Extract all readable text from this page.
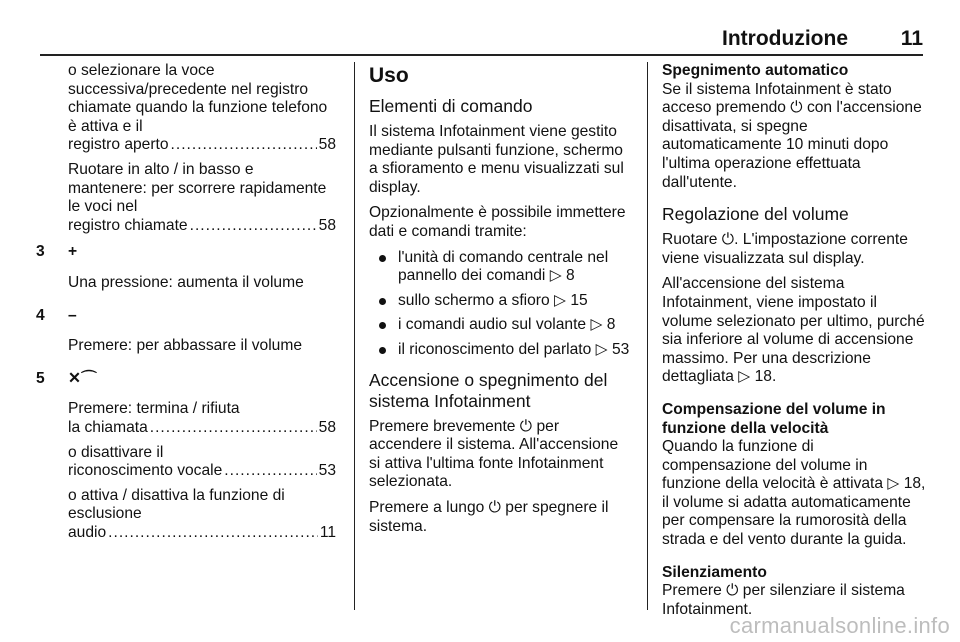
Introduzione	11
o selezionare la voce successiva/precedente nel registro chiamate quando la funzione telefono è attiva e il
registro aperto .....	58
Ruotare in alto / in basso e mantenere: per scorrere rapidamente le voci nel
registro chiamate .....	58
3 +
Una pressione: aumenta il volume
4 –
Premere: per abbassare il volume
5 ✕⌒
Premere: termina / rifiuta
la chiamata .....	58
o disattivare il
riconoscimento vocale .....	53
o attiva / disattiva la funzione di esclusione
audio .....	11
Uso
Elementi di comando

Il sistema Infotainment viene gestito mediante pulsanti funzione, schermo a sfioramento e menu visualizzati sul display.

Opzionalmente è possibile immettere dati e comandi tramite:

l'unità di comando centrale nel pannello dei comandi ▷ 8
sullo schermo a sfioro ▷ 15
i comandi audio sul volante ▷ 8
il riconoscimento del parlato ▷ 53
Accensione o spegnimento del sistema Infotainment

Premere brevemente ⏻ per accendere il sistema. All'accensione si attiva l'ultima fonte Infotainment selezionata.

Premere a lungo ⏻ per spegnere il sistema.

Spegnimento automatico

Se il sistema Infotainment è stato acceso premendo ⏻ con l'accensione disattivata, si spegne automaticamente 10 minuti dopo l'ultima operazione effettuata dall'utente.

Regolazione del volume

Ruotare ⏻. L'impostazione corrente viene visualizzata sul display.

All'accensione del sistema Infotainment, viene impostato il volume selezionato per ultimo, purché sia inferiore al volume di accensione massimo. Per una descrizione dettagliata ▷ 18.

Compensazione del volume in funzione della velocità

Quando la funzione di compensazione del volume in funzione della velocità è attivata ▷ 18, il volume si adatta automaticamente per compensare la rumorosità della strada e del vento durante la guida.

Silenziamento

Premere ⏻ per silenziare il sistema Infotainment.

carmanualsonline.info
